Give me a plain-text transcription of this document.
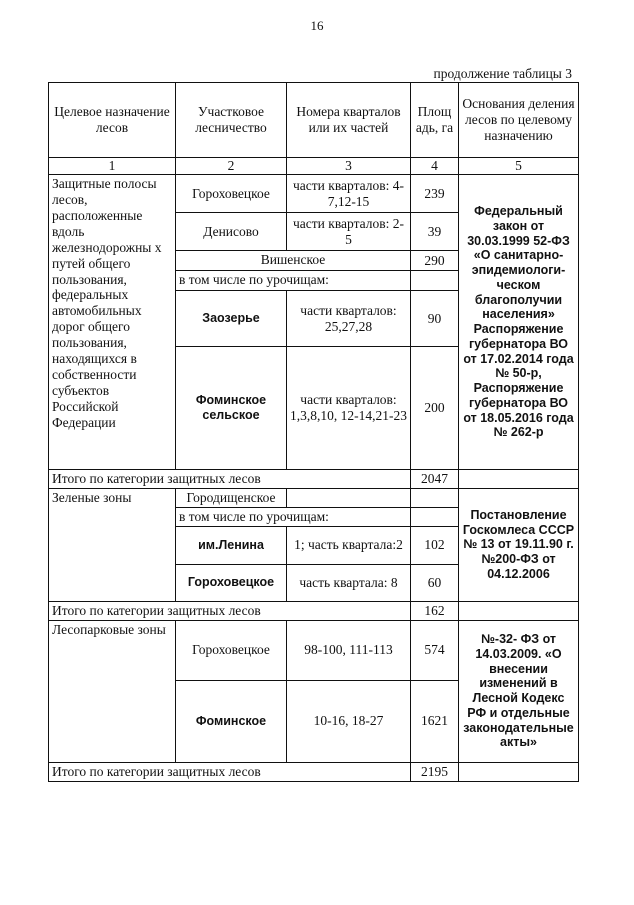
16
продолжение таблицы 3
Целевое назначение лесов	Участковое лесничество	Номера кварталов или их частей	Площ адь, га	Основания деления лесов по целевому назначению
1	2	3	4	5
Защитные полосы лесов, расположенные вдоль железнодорожны х путей общего пользования, федеральных автомобильных дорог общего пользования, находящихся в собственности субъектов Российской Федерации	Гороховецкое	части кварталов: 4-7,12-15	239	Федеральный закон от 30.03.1999 52-ФЗ «О санитарно-эпидемиологи-ческом благополучии населения» Распоряжение губернатора ВО от 17.02.2014 года № 50-р, Распоряжение губернатора ВО от 18.05.2016 года № 262-р
	Денисово	части кварталов: 2-5	39	
	Вишенское		290	
	в том числе по урочищам:			
	Заозерье	части кварталов: 25,27,28	90	
	Фоминское сельское	части кварталов: 1,3,8,10, 12-14,21-23	200	
Итого по категории защитных лесов			2047	
Зеленые зоны	Городищенское			Постановление Госкомлеса СССР № 13 от 19.11.90 г. №200-ФЗ от 04.12.2006
	в том числе по урочищам:			
	им.Ленина	1; часть квартала:2	102	
	Гороховецкое	часть квартала: 8	60	
Итого по категории защитных лесов			162	
Лесопарковые зоны	Гороховецкое	98-100, 111-113	574	№-32- ФЗ от 14.03.2009. «О внесении изменений в Лесной Кодекс РФ и отдельные законодательные акты»
	Фоминское	10-16, 18-27	1621	
Итого по категории защитных лесов			2195	
